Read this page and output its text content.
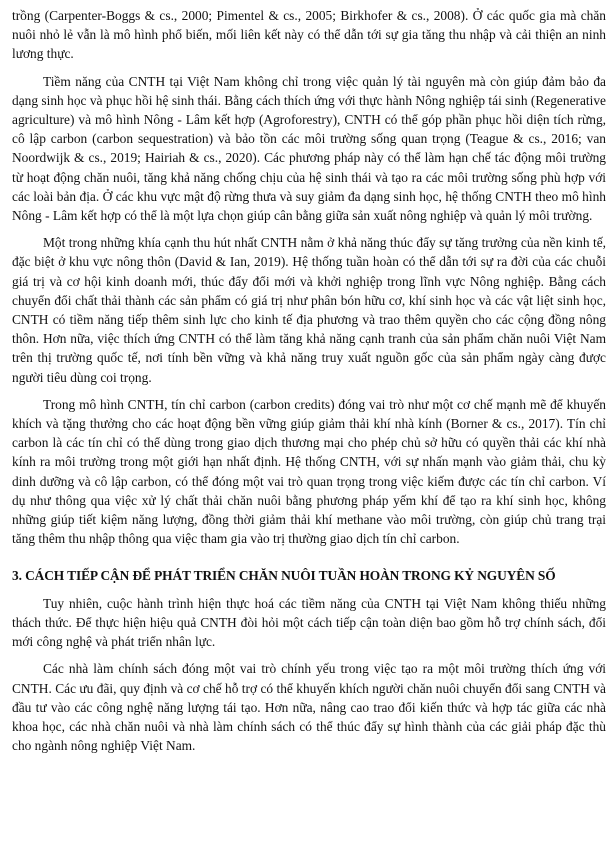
trồng (Carpenter-Boggs & cs., 2000; Pimentel & cs., 2005; Birkhofer & cs., 2008). Ở các quốc gia mà chăn nuôi nhỏ lẻ vẫn là mô hình phổ biến, mối liên kết này có thể dẫn tới sự gia tăng thu nhập và cải thiện an ninh lương thực.

Tiềm năng của CNTH tại Việt Nam không chỉ trong việc quản lý tài nguyên mà còn giúp đảm bảo đa dạng sinh học và phục hồi hệ sinh thái. Bằng cách thích ứng với thực hành Nông nghiệp tái sinh (Regenerative agriculture) và mô hình Nông - Lâm kết hợp (Agroforestry), CNTH có thể góp phần phục hồi diện tích rừng, cô lập carbon (carbon sequestration) và bảo tồn các môi trường sống quan trọng (Teague & cs., 2016; van Noordwijk & cs., 2019; Hairiah & cs., 2020). Các phương pháp này có thể làm hạn chế tác động môi trường từ hoạt động chăn nuôi, tăng khả năng chống chịu của hệ sinh thái và tạo ra các môi trường sống phù hợp với các loài bản địa. Ở các khu vực mật độ rừng thưa và suy giảm đa dạng sinh học, hệ thống CNTH theo mô hình Nông - Lâm kết hợp có thể là một lựa chọn giúp cân bằng giữa sản xuất nông nghiệp và quản lý môi trường.

Một trong những khía cạnh thu hút nhất CNTH nằm ở khả năng thúc đẩy sự tăng trưởng của nền kinh tế, đặc biệt ở khu vực nông thôn (David & Ian, 2019). Hệ thống tuần hoàn có thể dẫn tới sự ra đời của các chuỗi giá trị và cơ hội kinh doanh mới, thúc đẩy đổi mới và khởi nghiệp trong lĩnh vực Nông nghiệp. Bằng cách chuyển đổi chất thải thành các sản phẩm có giá trị như phân bón hữu cơ, khí sinh học và các vật liệt sinh học, CNTH có tiềm năng tiếp thêm sinh lực cho kinh tế địa phương và trao thêm quyền cho các cộng đồng nông thôn. Hơn nữa, việc thích ứng CNTH có thể làm tăng khả năng cạnh tranh của sản phẩm chăn nuôi Việt Nam trên thị trường quốc tế, nơi tính bền vững và khả năng truy xuất nguồn gốc của sản phẩm ngày càng được người tiêu dùng coi trọng.

Trong mô hình CNTH, tín chỉ carbon (carbon credits) đóng vai trò như một cơ chế mạnh mẽ để khuyến khích và tặng thưởng cho các hoạt động bền vững giúp giảm thải khí nhà kính (Borner & cs., 2017). Tín chỉ carbon là các tín chỉ có thể dùng trong giao dịch thương mại cho phép chủ sở hữu có quyền thải các khí nhà kính ra môi trường trong một giới hạn nhất định. Hệ thống CNTH, với sự nhấn mạnh vào giảm thải, chu kỳ dinh dưỡng và cô lập carbon, có thể đóng một vai trò quan trọng trong việc kiếm được các tín chỉ carbon. Ví dụ như thông qua việc xử lý chất thải chăn nuôi bằng phương pháp yếm khí để tạo ra khí sinh học, không những giúp tiết kiệm năng lượng, đồng thời giảm thải khí methane vào môi trường, còn giúp chủ trang trại tăng thêm thu nhập thông qua việc tham gia vào trị thường giao dịch tín chỉ carbon.

3. CÁCH TIẾP CẬN ĐỂ PHÁT TRIỂN CHĂN NUÔI TUẦN HOÀN TRONG KỶ NGUYÊN SỐ

Tuy nhiên, cuộc hành trình hiện thực hoá các tiềm năng của CNTH tại Việt Nam không thiếu những thách thức. Để thực hiện hiệu quả CNTH đòi hỏi một cách tiếp cận toàn diện bao gồm hỗ trợ chính sách, đổi mới công nghệ và phát triển nhân lực.

Các nhà làm chính sách đóng một vai trò chính yếu trong việc tạo ra một môi trường thích ứng với CNTH. Các ưu đãi, quy định và cơ chế hỗ trợ có thể khuyến khích người chăn nuôi chuyển đổi sang CNTH và đầu tư vào các công nghệ năng lượng tái tạo. Hơn nữa, nâng cao trao đổi kiến thức và hợp tác giữa các nhà khoa học, các nhà chăn nuôi và nhà làm chính sách có thể thúc đẩy sự hình thành của các giải pháp đặc thù cho ngành nông nghiệp Việt Nam.
